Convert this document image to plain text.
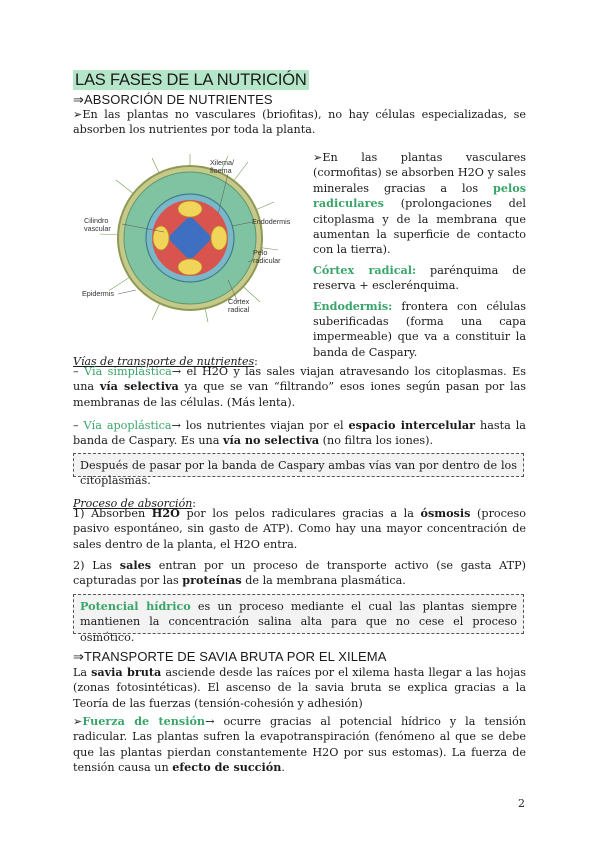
LAS FASES DE LA NUTRICIÓN
⇒ABSORCIÓN DE NUTRIENTES

➢En las plantas no vasculares (briofitas), no hay células especializadas, se absorben los nutrientes por toda la planta.

Xilema/
floema
Cilindro
vascular
Endodermis
Pelo
radicular
Epidermis
Córtex
radical

➢En las plantas vasculares (cormofitas) se absorben H2O y sales minerales gracias a los pelos radiculares (prolongaciones del citoplasma y de la membrana que aumentan la superficie de contacto con la tierra).

Córtex radical: parénquima de reserva + esclerénquima.

Endodermis: frontera con células suberificadas (forma una capa impermeable) que va a constituir la banda de Caspary.

Vías de transporte de nutrientes:

– Vía simplástica→ el H2O y las sales viajan atravesando los citoplasmas. Es una vía selectiva ya que se van “filtrando” esos iones según pasan por las membranas de las células. (Más lenta).

– Vía apoplástica→ los nutrientes viajan por el espacio intercelular hasta la banda de Caspary. Es una vía no selectiva (no filtra los iones).

Después de pasar por la banda de Caspary ambas vías van por dentro de los citoplasmas.
Proceso de absorción:

1) Absorben H2O por los pelos radiculares gracias a la ósmosis (proceso pasivo espontáneo, sin gasto de ATP). Como hay una mayor concentración de sales dentro de la planta, el H2O entra.

2) Las sales entran por un proceso de transporte activo (se gasta ATP) capturadas por las proteínas de la membrana plasmática.

Potencial hídrico es un proceso mediante el cual las plantas siempre mantienen la concentración salina alta para que no cese el proceso osmótico.
⇒TRANSPORTE DE SAVIA BRUTA POR EL XILEMA

La savia bruta asciende desde las raíces por el xilema hasta llegar a las hojas (zonas fotosintéticas). El ascenso de la savia bruta se explica gracias a la Teoría de las fuerzas (tensión-cohesión y adhesión)

➢Fuerza de tensión→ ocurre gracias al potencial hídrico y la tensión radicular. Las plantas sufren la evapotranspiración (fenómeno al que se debe que las plantas pierdan constantemente H2O por sus estomas). La fuerza de tensión causa un efecto de succión.

2
